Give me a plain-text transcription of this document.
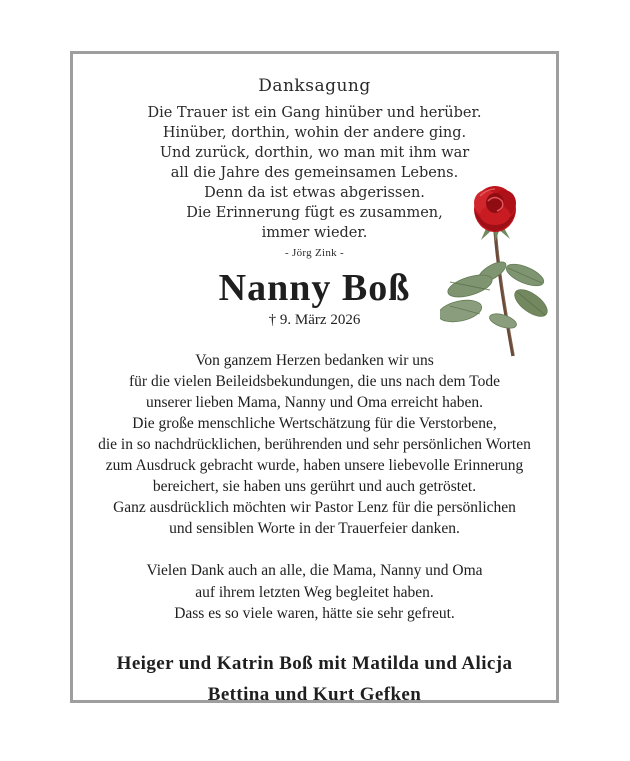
Danksagung
Die Trauer ist ein Gang hinüber und herüber.
Hinüber, dorthin, wohin der andere ging.
Und zurück, dorthin, wo man mit ihm war
all die Jahre des gemeinsamen Lebens.
Denn da ist etwas abgerissen.
Die Erinnerung fügt es zusammen,
immer wieder.
- Jörg Zink -
Nanny Boß
† 9. März 2026
Von ganzem Herzen bedanken wir uns
für die vielen Beileidsbekundungen, die uns nach dem Tode
unserer lieben Mama, Nanny und Oma erreicht haben.
Die große menschliche Wertschätzung für die Verstorbene,
die in so nachdrücklichen, berührenden und sehr persönlichen Worten
zum Ausdruck gebracht wurde, haben unsere liebevolle Erinnerung
bereichert, sie haben uns gerührt und auch getröstet.
Ganz ausdrücklich möchten wir Pastor Lenz für die persönlichen
und sensiblen Worte in der Trauerfeier danken.
Vielen Dank auch an alle, die Mama, Nanny und Oma
auf ihrem letzten Weg begleitet haben.
Dass es so viele waren, hätte sie sehr gefreut.
Heiger und Katrin Boß mit Matilda und Alicja
Bettina und Kurt Gefken
